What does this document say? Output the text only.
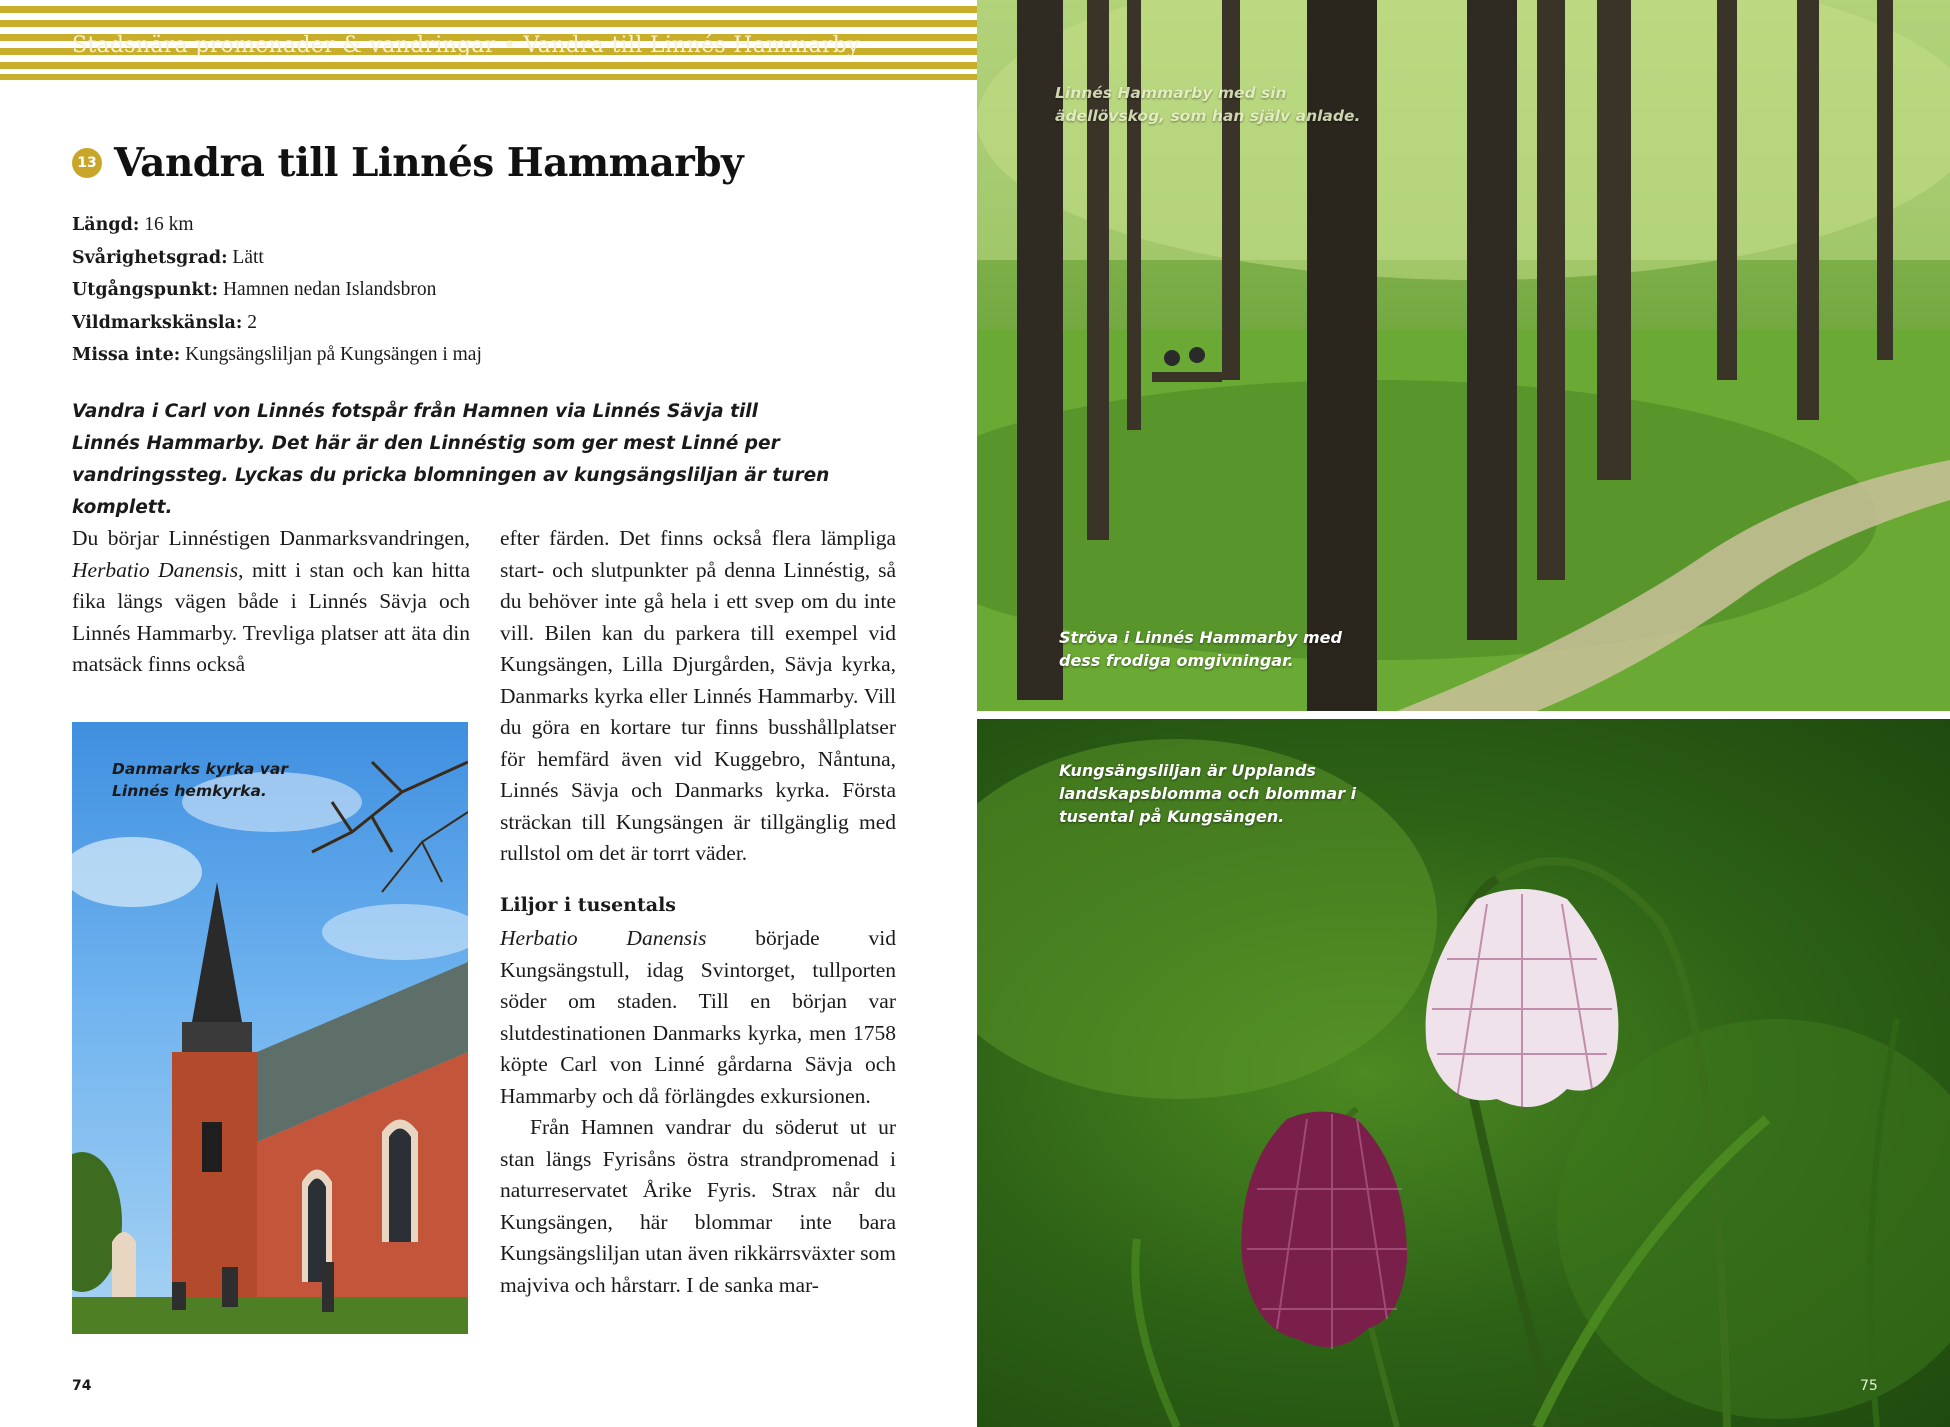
Stadsnära promenader & vandringar • Vandra till Linnés Hammarby
13 Vandra till Linnés Hammarby
Längd: 16 km
Svårighetsgrad: Lätt
Utgångspunkt: Hamnen nedan Islandsbron
Vildmarkskänsla: 2
Missa inte: Kungsängsliljan på Kungsängen i maj
Vandra i Carl von Linnés fotspår från Hamnen via Linnés Sävja till Linnés Hammarby. Det här är den Linnéstig som ger mest Linné per vandringssteg. Lyckas du pricka blomningen av kungsängsliljan är turen komplett.
Du börjar Linnéstigen Danmarksvandringen, Herbatio Danensis, mitt i stan och kan hitta fika längs vägen både i Linnés Sävja och Linnés Hammarby. Trevliga platser att äta din matsäck finns också
Danmarks kyrka var Linnés hemkyrka.
efter färden. Det finns också flera lämpliga start- och slutpunkter på denna Linnéstig, så du behöver inte gå hela i ett svep om du inte vill. Bilen kan du parkera till exempel vid Kungsängen, Lilla Djurgården, Sävja kyrka, Danmarks kyrka eller Linnés Hammarby. Vill du göra en kortare tur finns busshållplatser för hemfärd även vid Kuggebro, Nåntuna, Linnés Sävja och Danmarks kyrka. Första sträckan till Kungsängen är tillgänglig med rullstol om det är torrt väder.
Liljor i tusentals
Herbatio Danensis började vid Kungsängstull, idag Svintorget, tullporten söder om staden. Till en början var slutdestinationen Danmarks kyrka, men 1758 köpte Carl von Linné gårdarna Sävja och Hammarby och då förlängdes exkursionen.
Från Hamnen vandrar du söderut ut ur stan längs Fyrisåns östra strandpromenad i naturreservatet Årike Fyris. Strax når du Kungsängen, här blommar inte bara Kungsängsliljan utan även rikkärrsväxter som majviva och hårstarr. I de sanka mar-
74
Linnés Hammarby med sin ädellövskog, som han själv anlade.
Ströva i Linnés Hammarby med dess frodiga omgivningar.
Kungsängsliljan är Upplands landskapsblomma och blommar i tusental på Kungsängen.
75
